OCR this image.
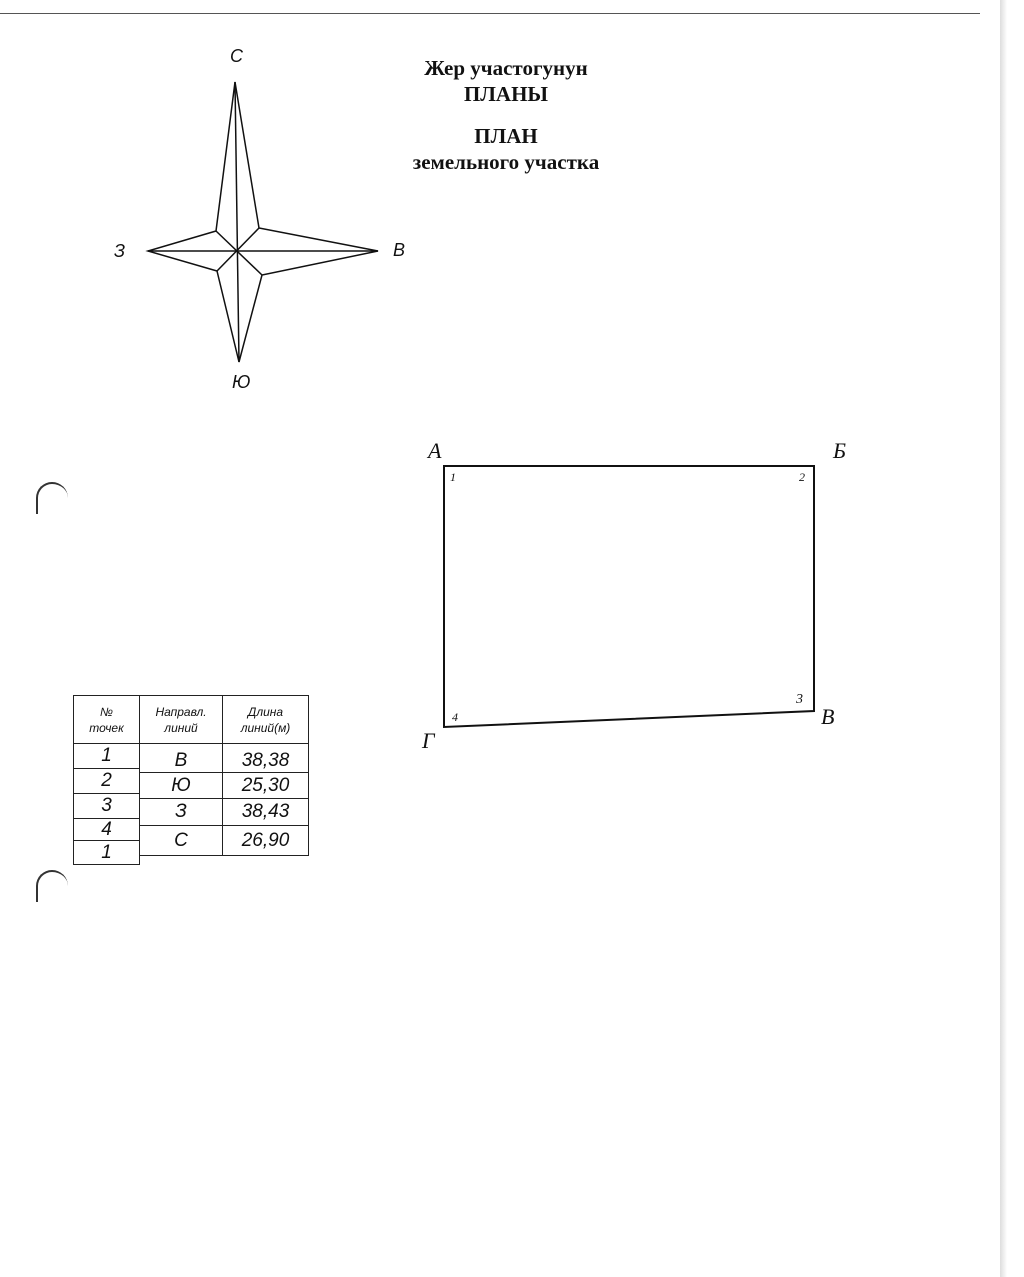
Жер участогунун
ПЛАНЫ
ПЛАН
земельного участка
С
В
З
Ю
А	Б
В
Г
1	2
3
4
№ точек
Направл. линий
Длина линий(м)
1
2
3
4
1
В
Ю
З
С
38,38
25,30
38,43
26,90
